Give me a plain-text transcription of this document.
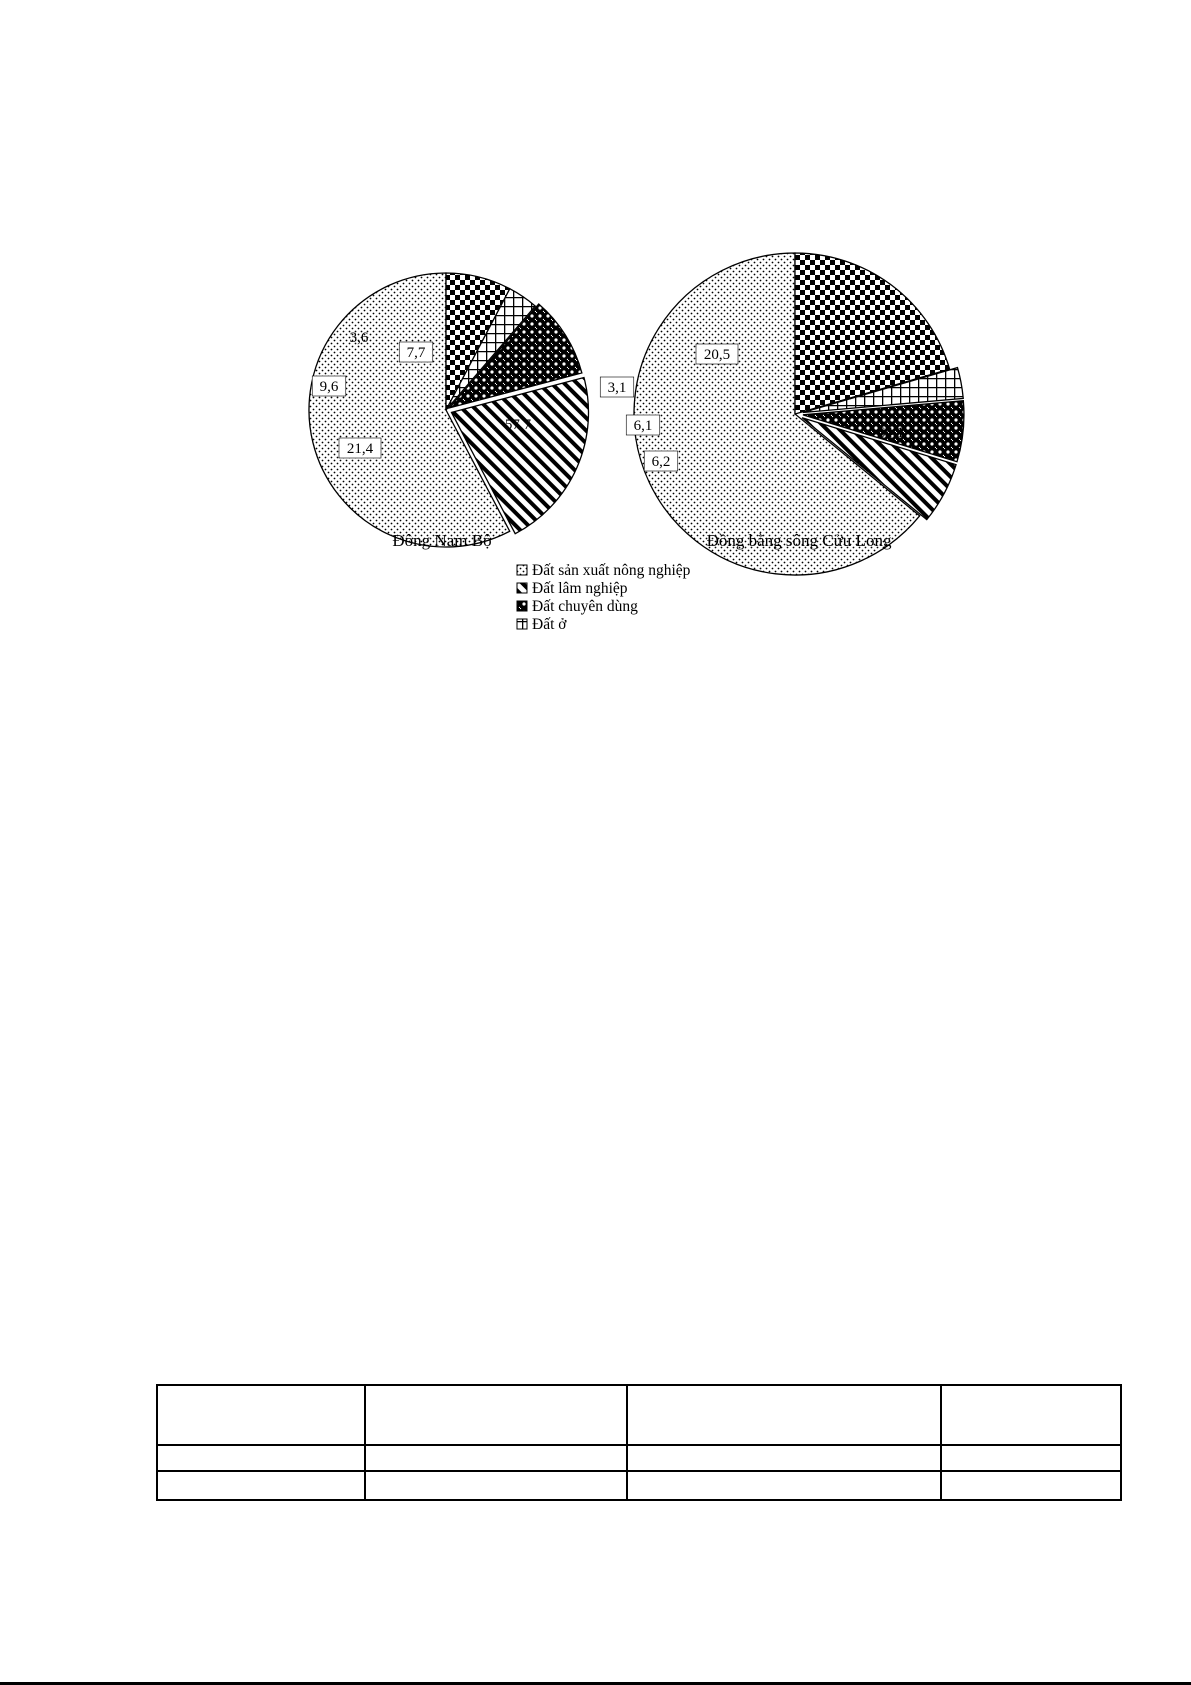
57,7
21,4
9,6
3,6
7,7
Đông Nam Bộ
64,1
6,2
6,1
3,1
20,5
Đồng bằng sông Cửu Long
Đất sản xuất nông nghiệp
Đất lâm nghiệp
Đất chuyên dùng
Đất ở
